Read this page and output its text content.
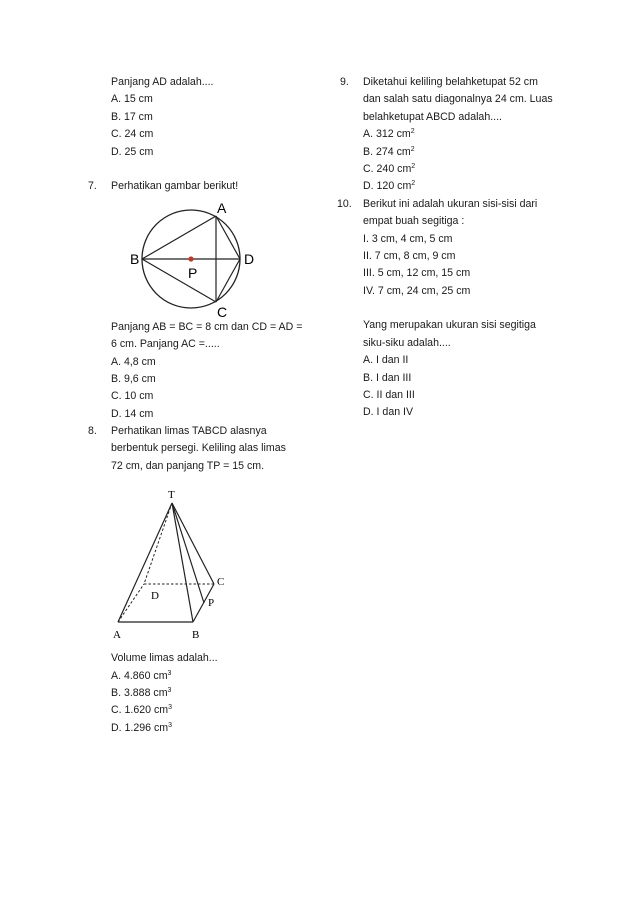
Panjang AD adalah....
A. 15 cm
B. 17 cm
C. 24 cm
D. 25 cm
7. Perhatikan gambar berikut!
A
B	D
C
P
Panjang AB = BC = 8 cm dan CD = AD =
6 cm. Panjang AC =.....
A. 4,8 cm
B. 9,6 cm
C. 10 cm
D. 14 cm
8. Perhatikan limas TABCD alasnya
berbentuk persegi. Keliling alas limas
72 cm, dan panjang TP = 15 cm.
T
A	B
C
D
P
Volume limas adalah...
A. 4.860 $cm^3$
B. 3.888 $cm^3$
C. 1.620 $cm^3$
D. 1.296 $cm^3$
9. Diketahui keliling belahketupat 52 cm
dan salah satu diagonalnya 24 cm. Luas
belahketupat ABCD adalah....
A. 312 $cm^2$
B. 274 $cm^2$
C. 240 $cm^2$
D. 120 $cm^2$
10. Berikut ini adalah ukuran sisi-sisi dari
empat buah segitiga :
I. 3 cm, 4 cm, 5 cm
II. 7 cm, 8 cm, 9 cm
III. 5 cm, 12 cm, 15 cm
IV. 7 cm, 24 cm, 25 cm
Yang merupakan ukuran sisi segitiga
siku-siku adalah....
A. I dan II
B. I dan III
C. II dan III
D. I dan IV
